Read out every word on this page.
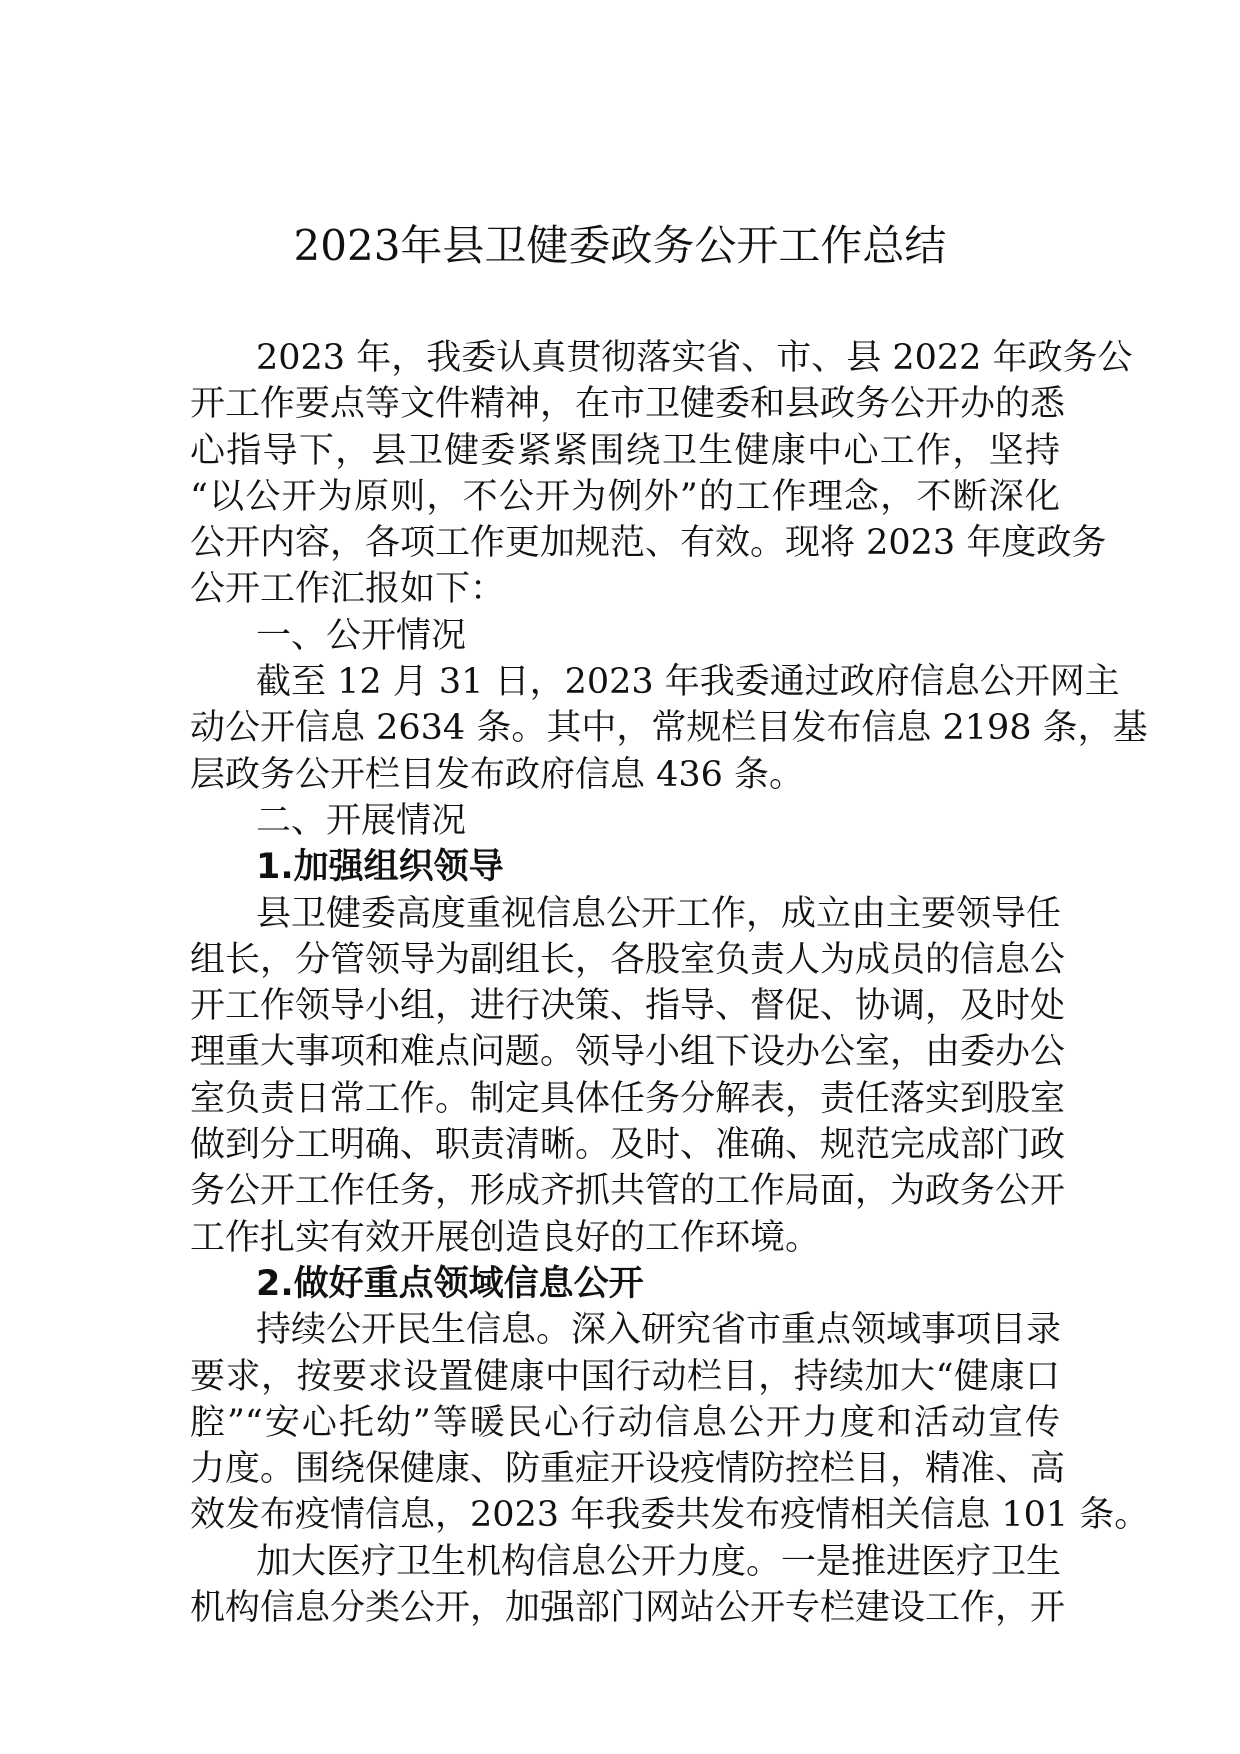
2023年县卫健委政务公开工作总结
2023 年，我委认真贯彻落实省、市、县 2022 年政务公
开工作要点等文件精神，在市卫健委和县政务公开办的悉
心指导下，县卫健委紧紧围绕卫生健康中心工作，坚持
“以公开为原则，不公开为例外”的工作理念，不断深化
公开内容，各项工作更加规范、有效。现将 2023 年度政务
公开工作汇报如下：
一、公开情况
截至 12 月 31 日，2023 年我委通过政府信息公开网主
动公开信息 2634 条。其中，常规栏目发布信息 2198 条，基
层政务公开栏目发布政府信息 436 条。
二、开展情况
1.加强组织领导
县卫健委高度重视信息公开工作，成立由主要领导任
组长，分管领导为副组长，各股室负责人为成员的信息公
开工作领导小组，进行决策、指导、督促、协调，及时处
理重大事项和难点问题。领导小组下设办公室，由委办公
室负责日常工作。制定具体任务分解表，责任落实到股室
做到分工明确、职责清晰。及时、准确、规范完成部门政
务公开工作任务，形成齐抓共管的工作局面，为政务公开
工作扎实有效开展创造良好的工作环境。
2.做好重点领域信息公开
持续公开民生信息。深入研究省市重点领域事项目录
要求，按要求设置健康中国行动栏目，持续加大“健康口
腔”“安心托幼”等暖民心行动信息公开力度和活动宣传
力度。围绕保健康、防重症开设疫情防控栏目，精准、高
效发布疫情信息，2023 年我委共发布疫情相关信息 101 条。
加大医疗卫生机构信息公开力度。一是推进医疗卫生
机构信息分类公开，加强部门网站公开专栏建设工作，开
